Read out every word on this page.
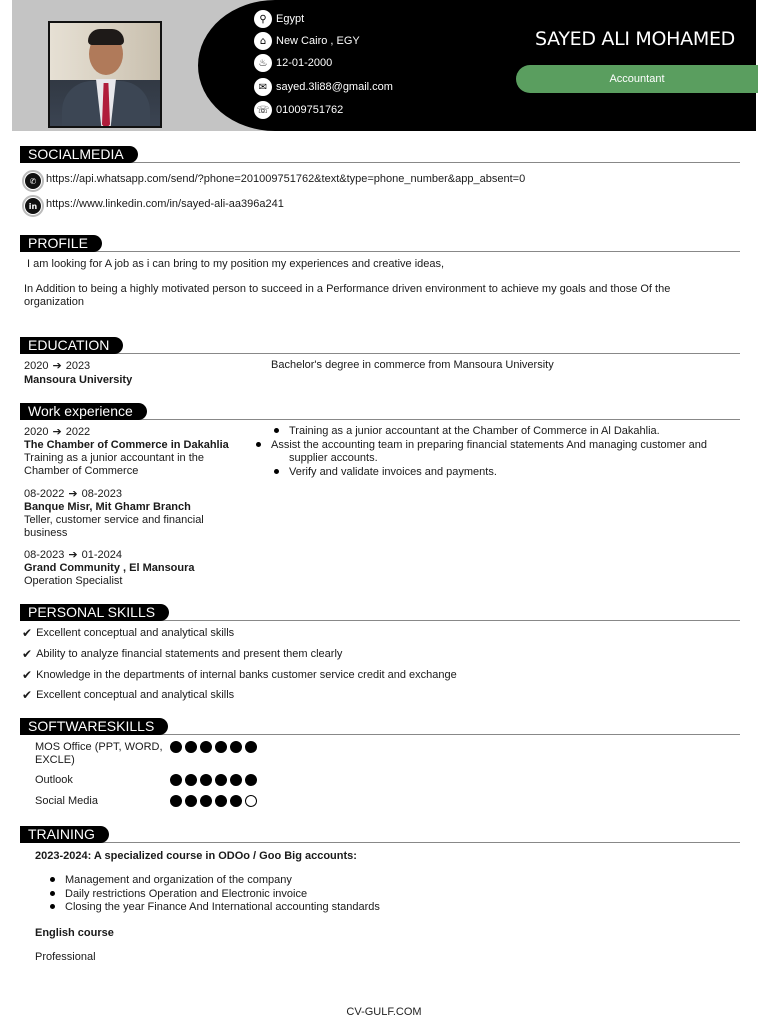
⚲ Egypt
⌂ New Cairo , EGY
♨ 12-01-2000
✉ sayed.3li88@gmail.com
☏ 01009751762
SAYED ALI MOHAMED
Accountant
SOCIALMEDIA
✆ https://api.whatsapp.com/send/?phone=201009751762&text&type=phone_number&app_absent=0
in https://www.linkedin.com/in/sayed-ali-aa396a241
PROFILE
I am looking for A job as i can bring to my position my experiences and creative ideas,
In Addition to being a highly motivated person to succeed in a Performance driven environment to achieve my goals and those Of the organization
EDUCATION
2020 ➔ 2023
Mansoura University
Bachelor's degree in commerce from Mansoura University
Work experience
2020 ➔ 2022
The Chamber of Commerce in Dakahlia
Training as a junior accountant in the Chamber of Commerce
08-2022 ➔ 08-2023
Banque Misr, Mit Ghamr Branch
Teller, customer service and financial business
08-2023 ➔ 01-2024
Grand Community , El Mansoura
Operation Specialist
Training as a junior accountant at the Chamber of Commerce in Al Dakahlia.
Assist the accounting team in preparing financial statements And managing customer and supplier accounts.
Verify and validate invoices and payments.
PERSONAL SKILLS
✔ Excellent conceptual and analytical skills
✔ Ability to analyze financial statements and present them clearly
✔ Knowledge in the departments of internal banks customer service credit and exchange
✔ Excellent conceptual and analytical skills
SOFTWARESKILLS
MOS Office (PPT, WORD, EXCLE)
Outlook
Social Media
TRAINING
2023-2024: A specialized course in ODOo / Goo Big accounts:
Management and organization of the company
Daily restrictions Operation and Electronic invoice
Closing the year Finance And International accounting standards
English course
Professional
CV-GULF.COM
